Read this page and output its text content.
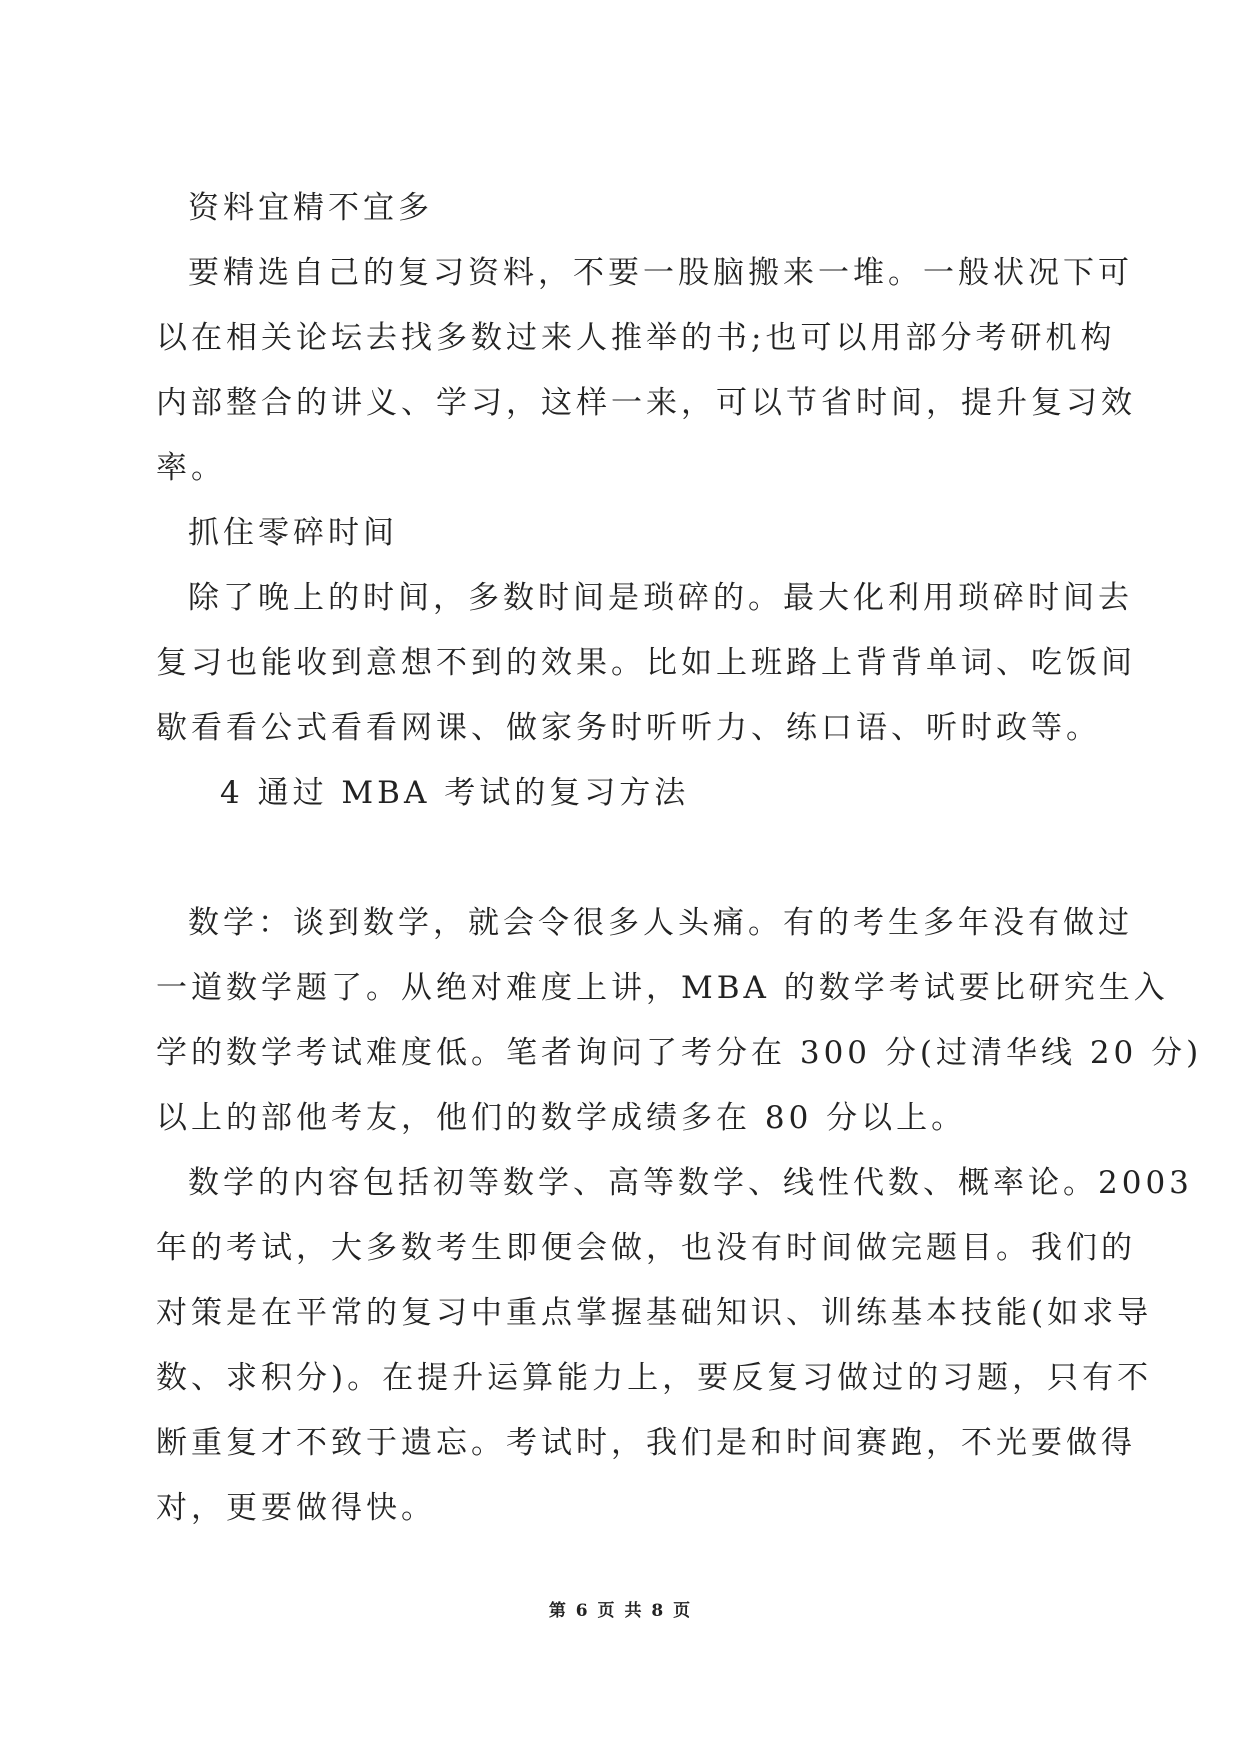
资料宜精不宜多
要精选自己的复习资料，不要一股脑搬来一堆。一般状况下可
以在相关论坛去找多数过来人推举的书;也可以用部分考研机构
内部整合的讲义、学习，这样一来，可以节省时间，提升复习效
率。
抓住零碎时间
除了晚上的时间，多数时间是琐碎的。最大化利用琐碎时间去
复习也能收到意想不到的效果。比如上班路上背背单词、吃饭间
歇看看公式看看网课、做家务时听听力、练口语、听时政等。
4 通过 MBA 考试的复习方法
数学：谈到数学，就会令很多人头痛。有的考生多年没有做过
一道数学题了。从绝对难度上讲，MBA 的数学考试要比研究生入
学的数学考试难度低。笔者询问了考分在 300 分(过清华线 20 分)
以上的部他考友，他们的数学成绩多在 80 分以上。
数学的内容包括初等数学、高等数学、线性代数、概率论。2003
年的考试，大多数考生即便会做，也没有时间做完题目。我们的
对策是在平常的复习中重点掌握基础知识、训练基本技能(如求导
数、求积分)。在提升运算能力上，要反复习做过的习题，只有不
断重复才不致于遗忘。考试时，我们是和时间赛跑，不光要做得
对，更要做得快。
第 6 页 共 8 页
